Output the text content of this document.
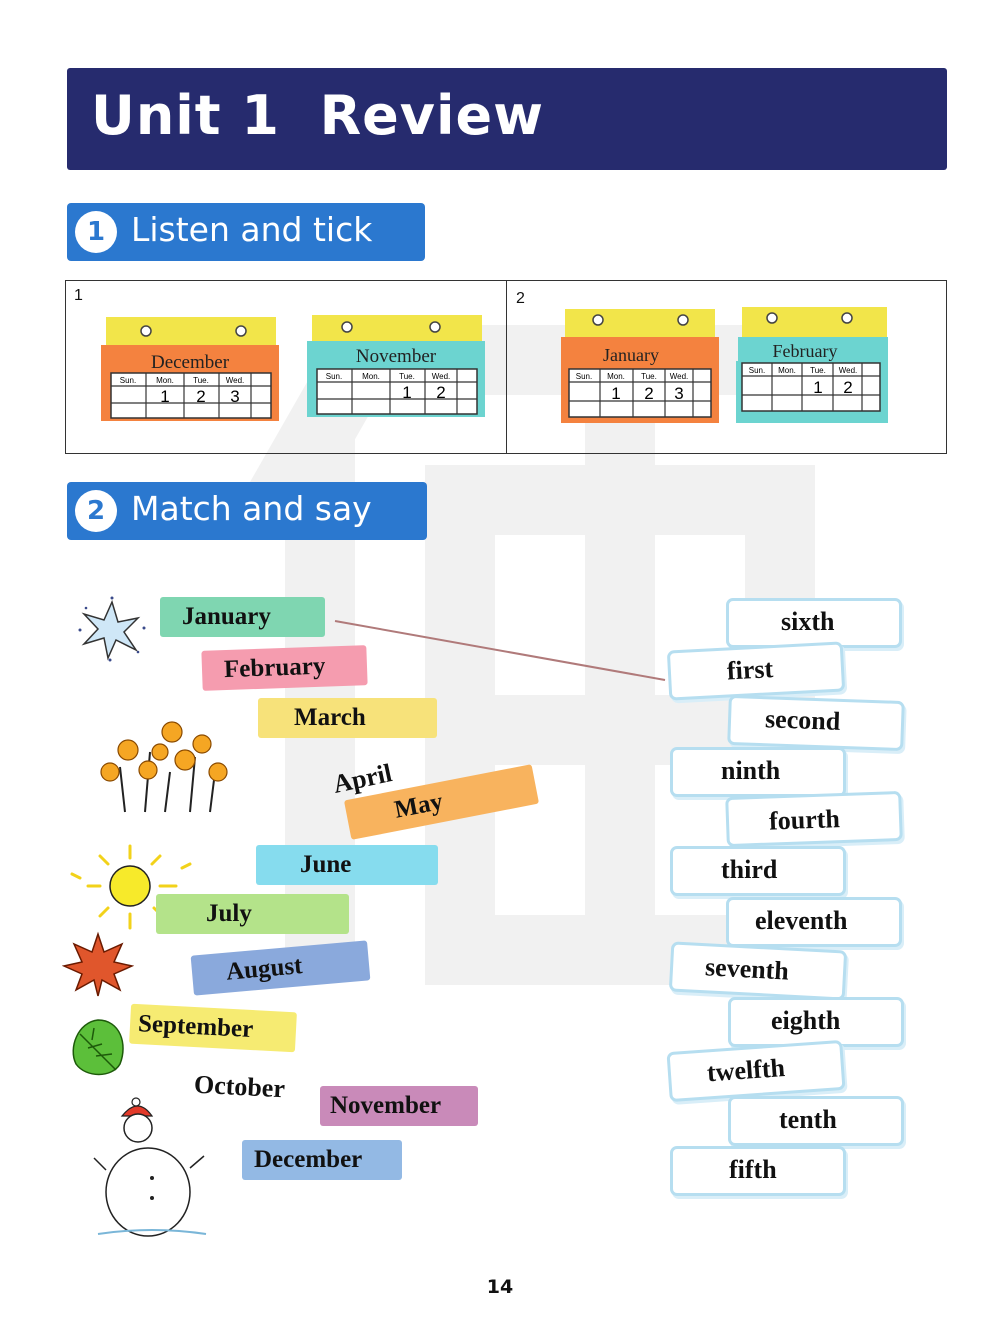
Unit 1  Review
1 Listen and tick
1	2
December
Sun. Mon. Tue. Wed.
1 2 3
November
Sun. Mon. Tue. Wed.
1 2
January
Sun. Mon. Tue. Wed.
1 2 3
February
Sun. Mon. Tue. Wed.
1 2
2 Match and say
January
February
March
April
May
June
July
August
September
October
November
December
sixth
first
second
ninth
fourth
third
eleventh
seventh
eighth
twelfth
tenth
fifth
14
